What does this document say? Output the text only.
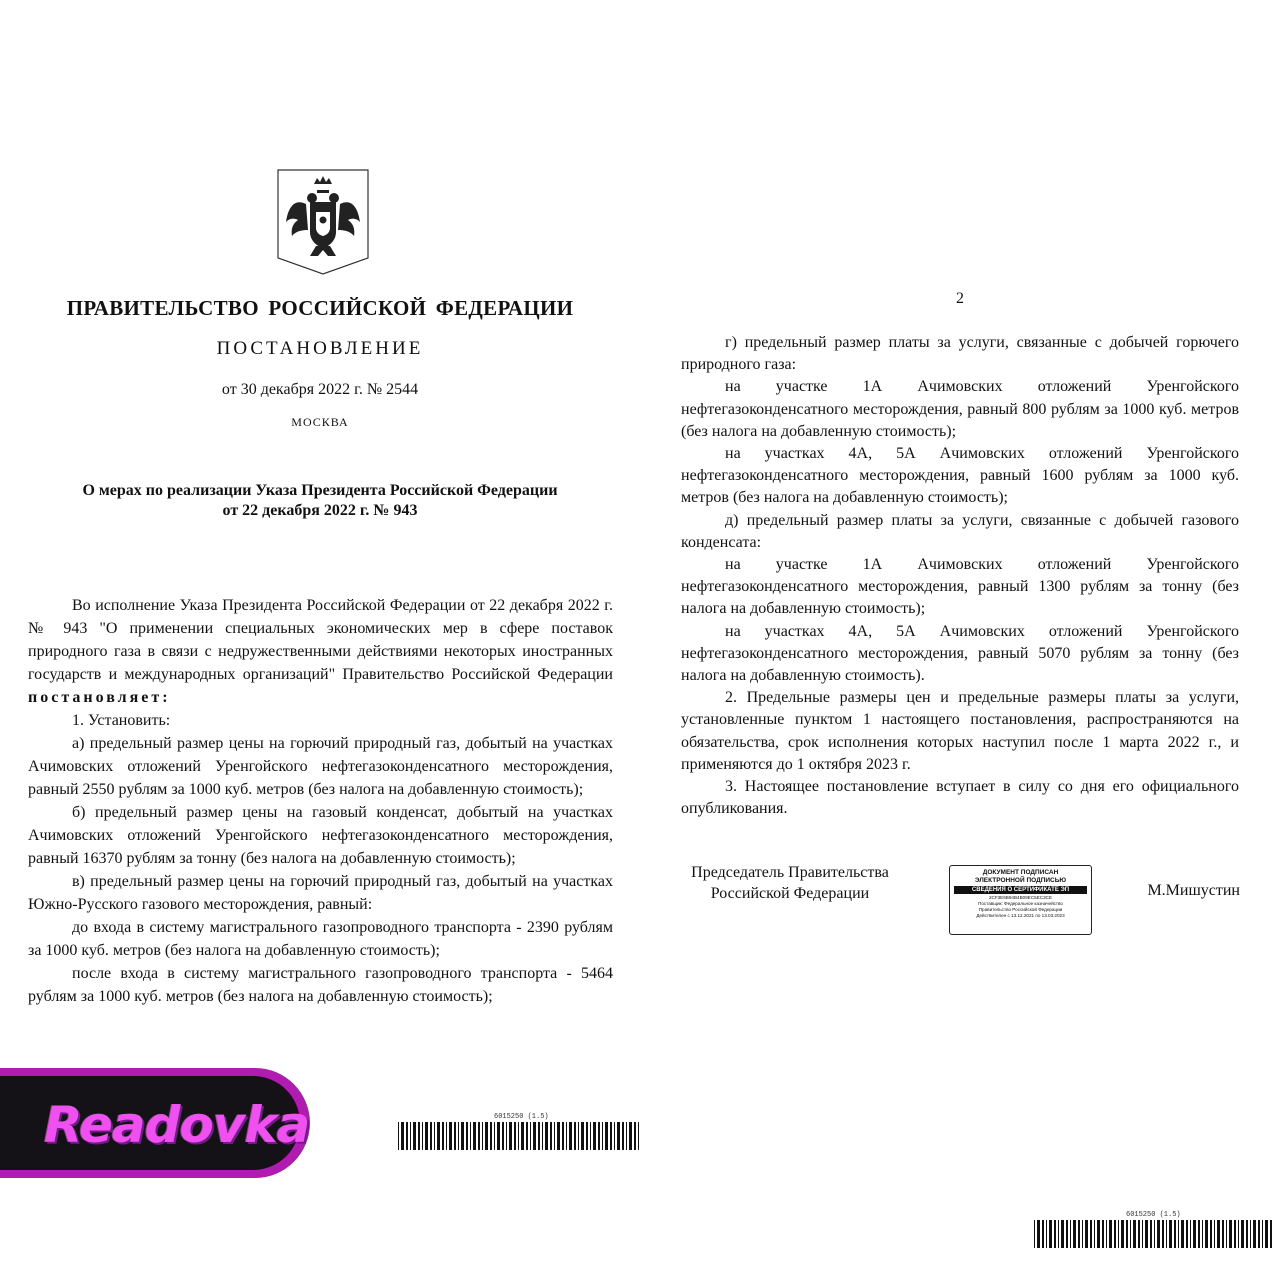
ПРАВИТЕЛЬСТВО РОССИЙСКОЙ ФЕДЕРАЦИИ
ПОСТАНОВЛЕНИЕ
от 30 декабря 2022 г. № 2544
МОСКВА
О мерах по реализации Указа Президента Российской Федерации
от 22 декабря 2022 г. № 943

Во исполнение Указа Президента Российской Федерации от 22 декабря 2022 г. № 943 "О применении специальных экономических мер в сфере поставок природного газа в связи с недружественными действиями некоторых иностранных государств и международных организаций" Правительство Российской Федерации постановляет:

1. Установить:

а) предельный размер цены на горючий природный газ, добытый на участках Ачимовских отложений Уренгойского нефтегазоконденсатного месторождения, равный 2550 рублям за 1000 куб. метров (без налога на добавленную стоимость);

б) предельный размер цены на газовый конденсат, добытый на участках Ачимовских отложений Уренгойского нефтегазоконденсатного месторождения, равный 16370 рублям за тонну (без налога на добавленную стоимость);

в) предельный размер цены на горючий природный газ, добытый на участках Южно-Русского газового месторождения, равный:

до входа в систему магистрального газопроводного транспорта - 2390 рублям за 1000 куб. метров (без налога на добавленную стоимость);

после входа в систему магистрального газопроводного транспорта - 5464 рублям за 1000 куб. метров (без налога на добавленную стоимость);

6015250 (1.5)
2

г) предельный размер платы за услуги, связанные с добычей горючего природного газа:

на участке 1А Ачимовских отложений Уренгойского нефтегазоконденсатного месторождения, равный 800 рублям за 1000 куб. метров (без налога на добавленную стоимость);

на участках 4А, 5А Ачимовских отложений Уренгойского нефтегазоконденсатного месторождения, равный 1600 рублям за 1000 куб. метров (без налога на добавленную стоимость);

д) предельный размер платы за услуги, связанные с добычей газового конденсата:

на участке 1А Ачимовских отложений Уренгойского нефтегазоконденсатного месторождения, равный 1300 рублям за тонну (без налога на добавленную стоимость);

на участках 4А, 5А Ачимовских отложений Уренгойского нефтегазоконденсатного месторождения, равный 5070 рублям за тонну (без налога на добавленную стоимость).

2. Предельные размеры цен и предельные размеры платы за услуги, установленные пунктом 1 настоящего постановления, распространяются на обязательства, срок исполнения которых наступил после 1 марта 2022 г., и применяются до 1 октября 2023 г.

3. Настоящее постановление вступает в силу со дня его официального опубликования.

Председатель Правительства
Российской Федерации
ДОКУМЕНТ ПОДПИСАН
ЭЛЕКТРОННОЙ ПОДПИСЬЮ
СВЕДЕНИЯ О СЕРТИФИКАТЕ ЭП
2CF3E6B94B4B09EC5EC3CE
Поставщик: Федеральное казначейство
Правительство Российской Федерации
Действителен с 13.12.2021 по 13.03.2023
М.Мишустин
6015250 (1.5)
Readovka
